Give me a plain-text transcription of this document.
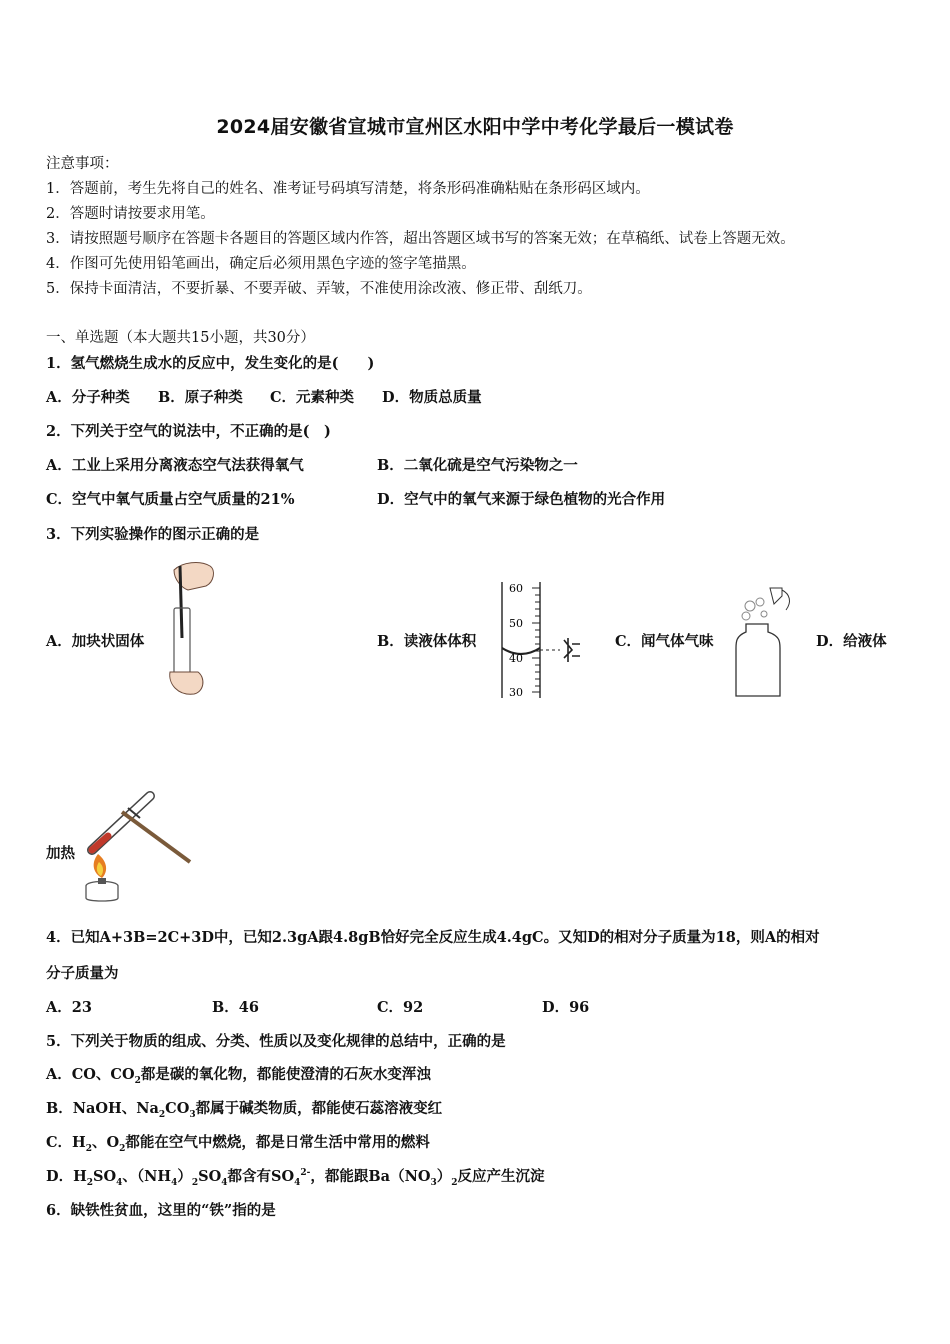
2024届安徽省宣城市宣州区水阳中学中考化学最后一模试卷
注意事项：
1．答题前，考生先将自己的姓名、准考证号码填写清楚，将条形码准确粘贴在条形码区域内。
2．答题时请按要求用笔。
3．请按照题号顺序在答题卡各题目的答题区域内作答，超出答题区域书写的答案无效；在草稿纸、试卷上答题无效。
4．作图可先使用铅笔画出，确定后必须用黑色字迹的签字笔描黑。
5．保持卡面清洁，不要折暴、不要弄破、弄皱，不准使用涂改液、修正带、刮纸刀。
一、单选题（本大题共15小题，共30分）
1．氢气燃烧生成水的反应中，发生变化的是(　　)
A．分子种类 B．原子种类 C．元素种类 D．物质总质量
2．下列关于空气的说法中，不正确的是(　)
A．工业上采用分离液态空气法获得氧气	B．二氧化硫是空气污染物之一
C．空气中氧气质量占空气质量的21%	D．空气中的氧气来源于绿色植物的光合作用
3．下列实验操作的图示正确的是
A．加块状固体
60
50
40
30
B．读液体体积	C．闻气体气味	D．给液体
加热
4．已知A+3B=2C+3D中，已知2.3gA跟4.8gB恰好完全反应生成4.4gC。又知D的相对分子质量为18，则A的相对
分子质量为
A．23	B．46	C．92	D．96
5．下列关于物质的组成、分类、性质以及变化规律的总结中，正确的是
A．CO、$CO_2$都是碳的氧化物，都能使澄清的石灰水变浑浊
B．NaOH、$Na_2CO_3$都属于碱类物质，都能使石蕊溶液变红
C．$H_2$、$O_2$都能在空气中燃烧，都是日常生活中常用的燃料
D．$H_2SO_4$、$(NH_4)_2SO_4$都含有$SO_4^{2-}$，都能跟$Ba(NO_3)_2$反应产生沉淀
6．缺铁性贫血，这里的“铁”指的是
